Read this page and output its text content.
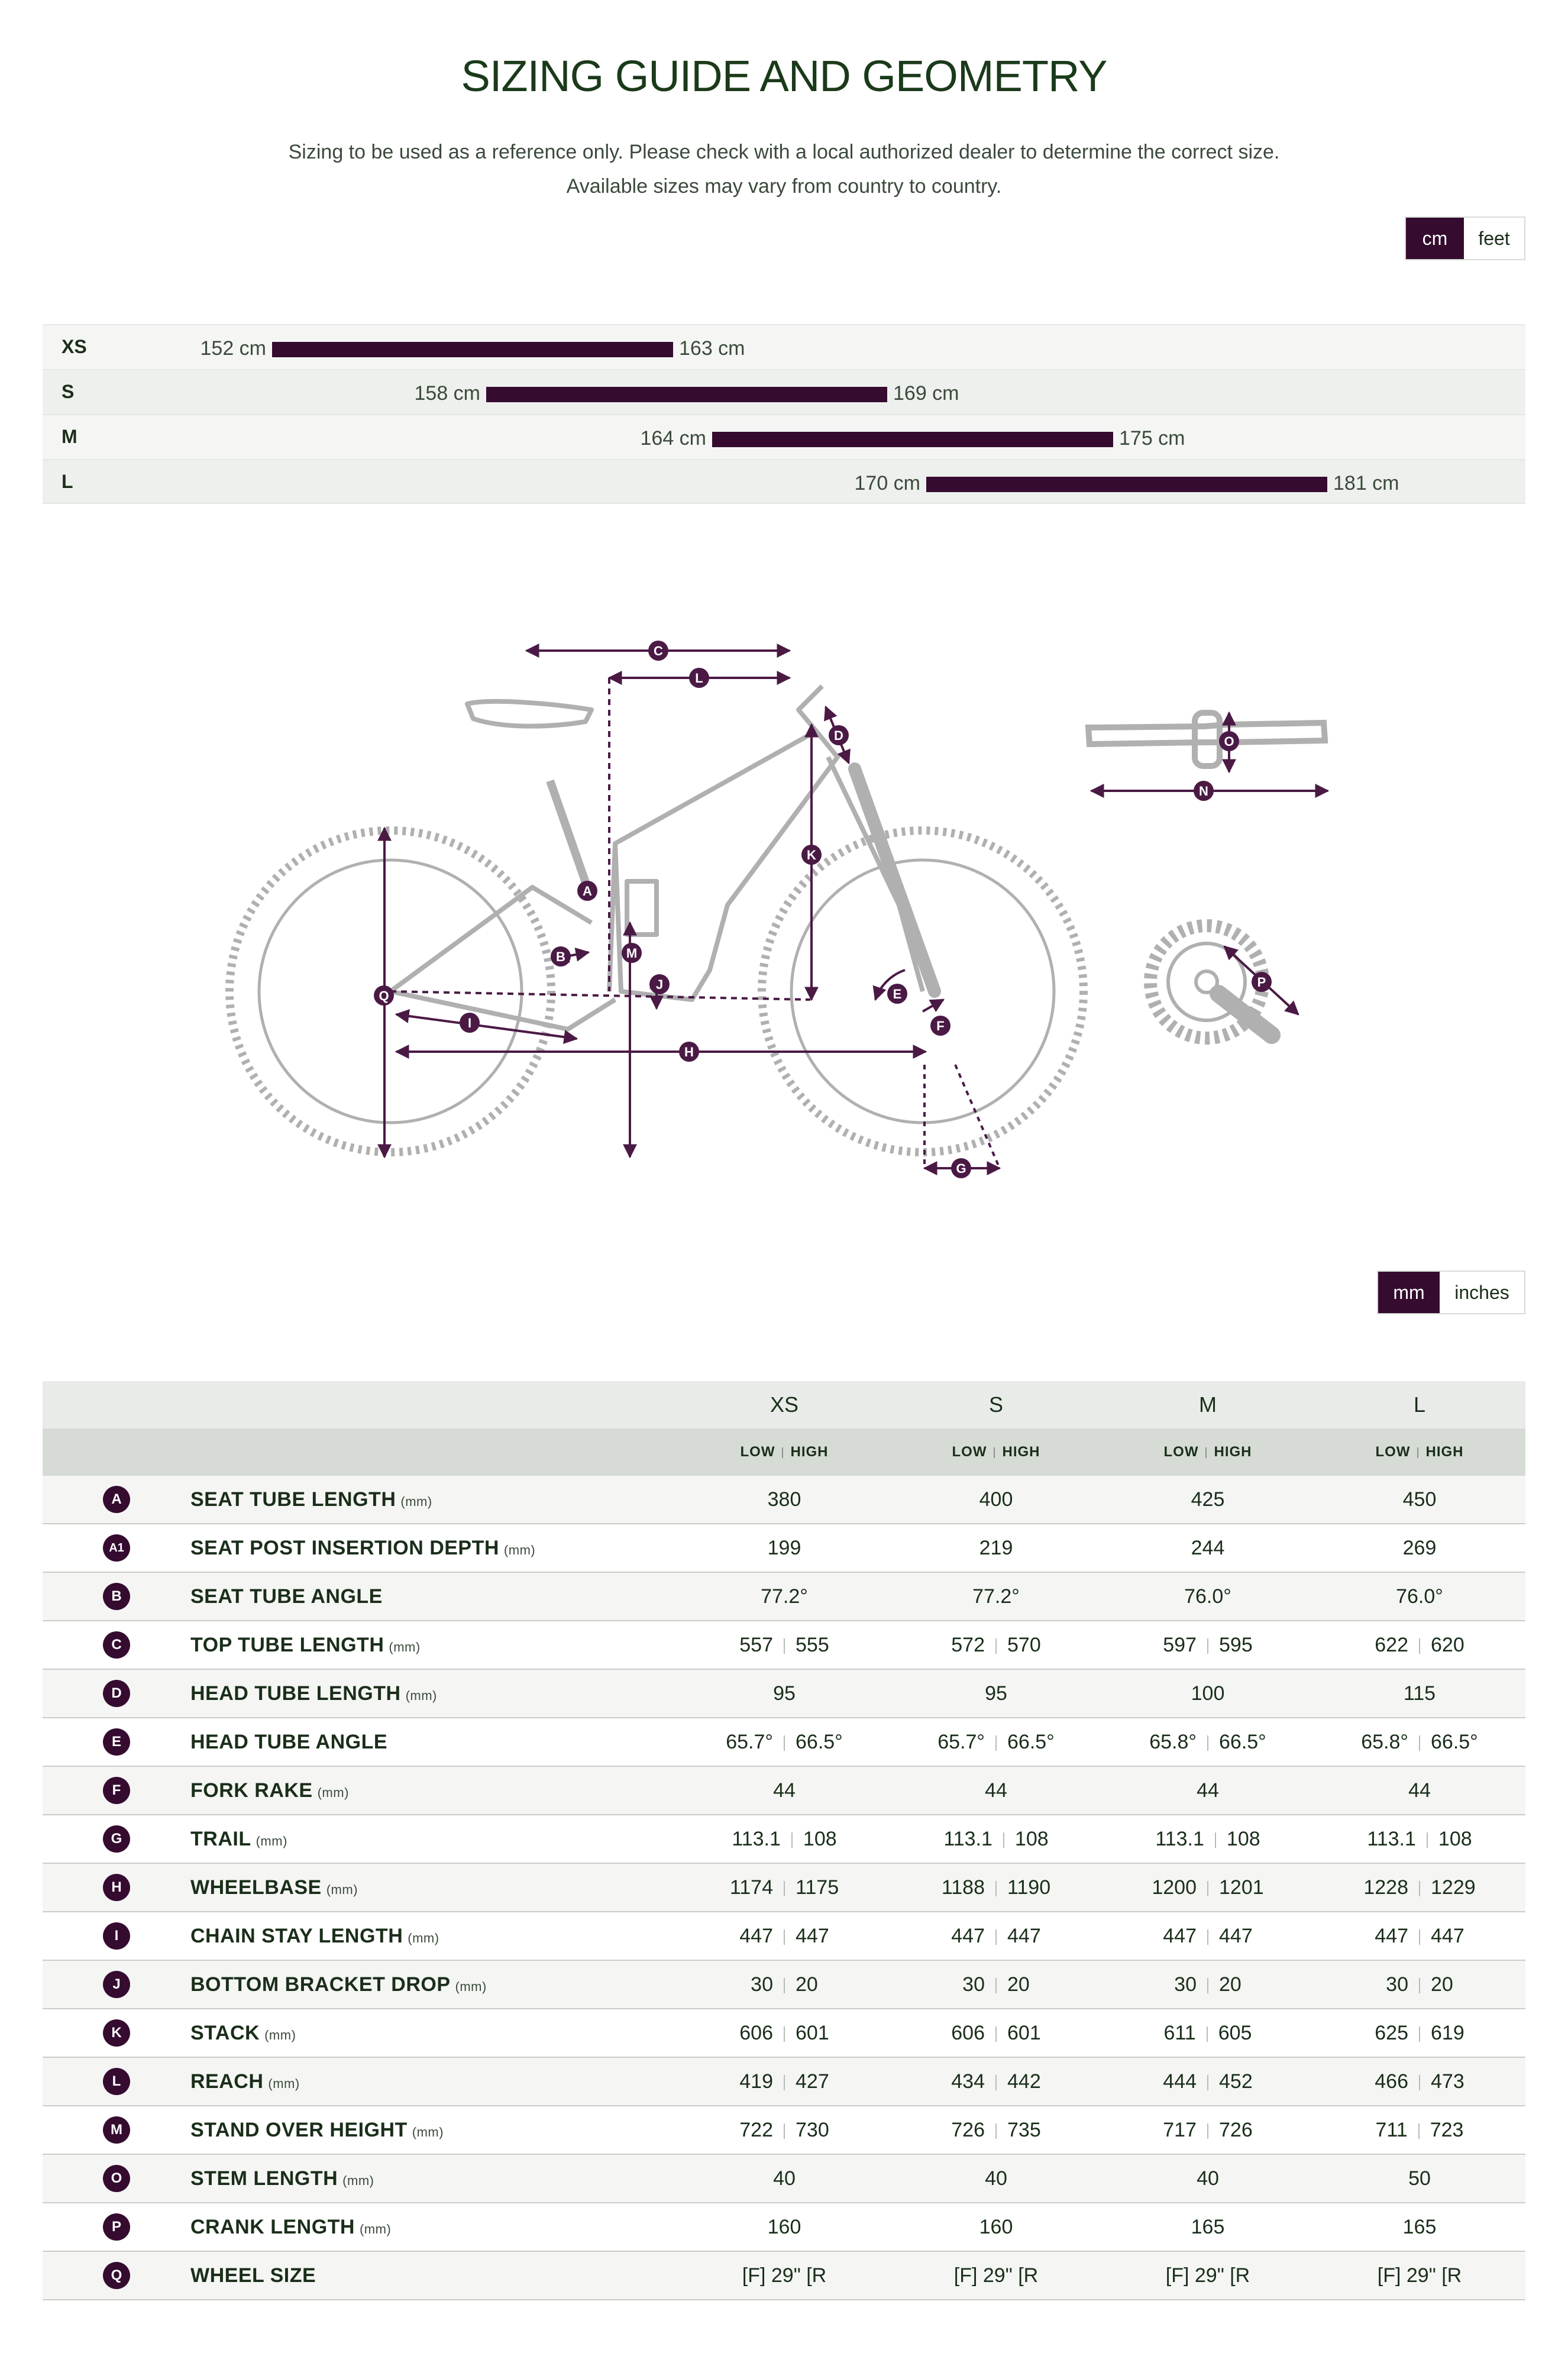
SIZING GUIDE AND GEOMETRY
Sizing to be used as a reference only. Please check with a local authorized dealer to determine the correct size.
Available sizes may vary from country to country.
cm	feet
XS	152 cm	163 cm
S	158 cm	169 cm
M	164 cm	175 cm
L	170 cm	181 cm
C
L
D
K
A
B	M
J
Q
I
H
E
F
G
O
N
P
mm	inches
		XS	S	M	L
		LOW HIGH	LOW HIGH	LOW HIGH	LOW HIGH
A	SEAT TUBE LENGTH (mm)	380	400	425	450
A1	SEAT POST INSERTION DEPTH (mm)	199	219	244	269
B	SEAT TUBE ANGLE	77.2°	77.2°	76.0°	76.0°
C	TOP TUBE LENGTH (mm)	557 555	572 570	597 595	622 620
D	HEAD TUBE LENGTH (mm)	95	95	100	115
E	HEAD TUBE ANGLE	65.7° 66.5°	65.7° 66.5°	65.8° 66.5°	65.8° 66.5°
F	FORK RAKE (mm)	44	44	44	44
G	TRAIL (mm)	113.1 108	113.1 108	113.1 108	113.1 108
H	WHEELBASE (mm)	1174 1175	1188 1190	1200 1201	1228 1229
I	CHAIN STAY LENGTH (mm)	447 447	447 447	447 447	447 447
J	BOTTOM BRACKET DROP (mm)	30 20	30 20	30 20	30 20
K	STACK (mm)	606 601	606 601	611 605	625 619
L	REACH (mm)	419 427	434 442	444 452	466 473
M	STAND OVER HEIGHT (mm)	722 730	726 735	717 726	711 723
O	STEM LENGTH (mm)	40	40	40	50
P	CRANK LENGTH (mm)	160	160	165	165
Q	WHEEL SIZE	[F] 29" [R	[F] 29" [R	[F] 29" [R	[F] 29" [R
